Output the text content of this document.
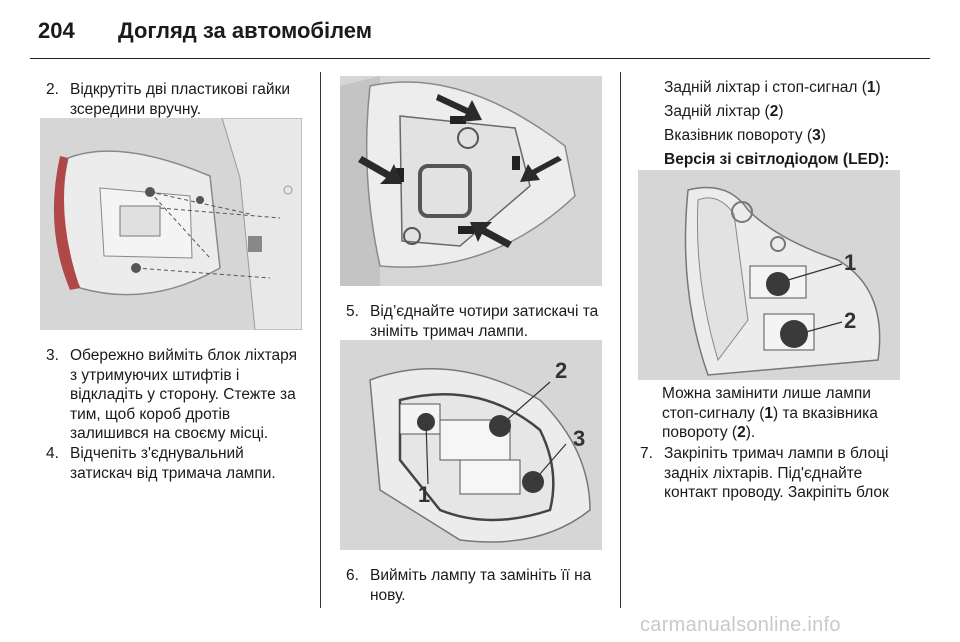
204 Догляд за автомобілем
2. Відкрутіть дві пластикові гайки
зсередини вручну.
3. Обережно вийміть блок ліхтаря
з утримуючих штифтів і
відкладіть у сторону. Стежте за
тим, щоб короб дротів
залишився на своєму місці.
4. Відчепіть з'єднувальний
затискач від тримача лампи.
5. Від’єднайте чотири затискачі та
зніміть тримач лампи.
1
2
3
6. Вийміть лампу та замініть її на
нову.
Задній ліхтар і стоп-сигнал (1)
Задній ліхтар (2)
Вказівник повороту (3)
Версія зі світлодіодом (LED):
1
2
Можна замінити лише лампи
стоп-сигналу (1) та вказівника
повороту (2).
7. Закріпіть тримач лампи в блоці
задніх ліхтарів. Під'єднайте
контакт проводу. Закріпіть блок
carmanualsonline.info
